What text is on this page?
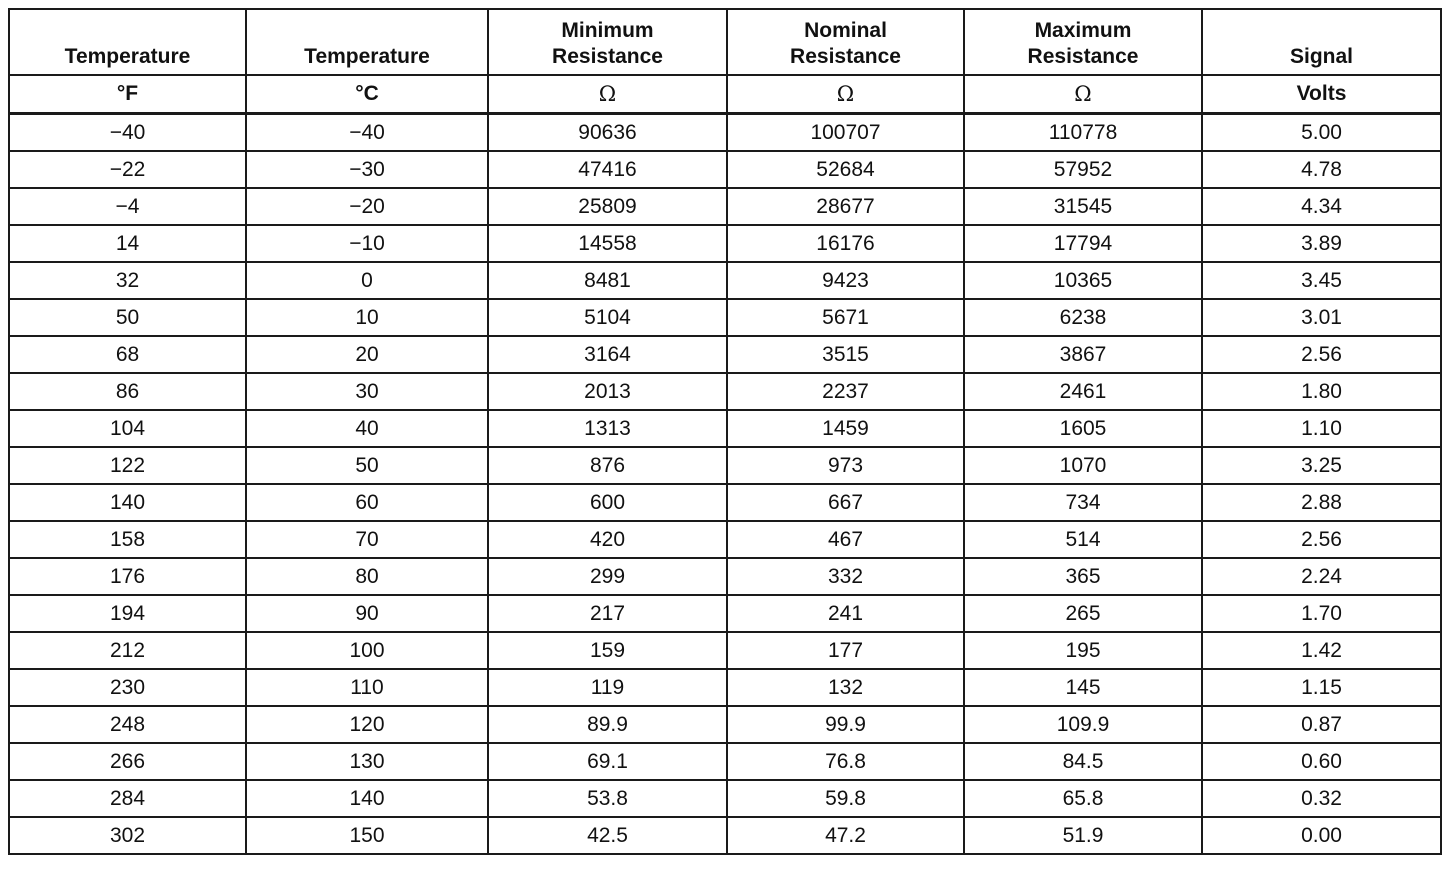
Temperature	Temperature	Minimum Resistance	Nominal Resistance	Maximum Resistance	Signal
°F	°C	Ω	Ω	Ω	Volts
−40	−40	90636	100707	110778	5.00
−22	−30	47416	52684	57952	4.78
−4	−20	25809	28677	31545	4.34
14	−10	14558	16176	17794	3.89
32	0	8481	9423	10365	3.45
50	10	5104	5671	6238	3.01
68	20	3164	3515	3867	2.56
86	30	2013	2237	2461	1.80
104	40	1313	1459	1605	1.10
122	50	876	973	1070	3.25
140	60	600	667	734	2.88
158	70	420	467	514	2.56
176	80	299	332	365	2.24
194	90	217	241	265	1.70
212	100	159	177	195	1.42
230	110	119	132	145	1.15
248	120	89.9	99.9	109.9	0.87
266	130	69.1	76.8	84.5	0.60
284	140	53.8	59.8	65.8	0.32
302	150	42.5	47.2	51.9	0.00
